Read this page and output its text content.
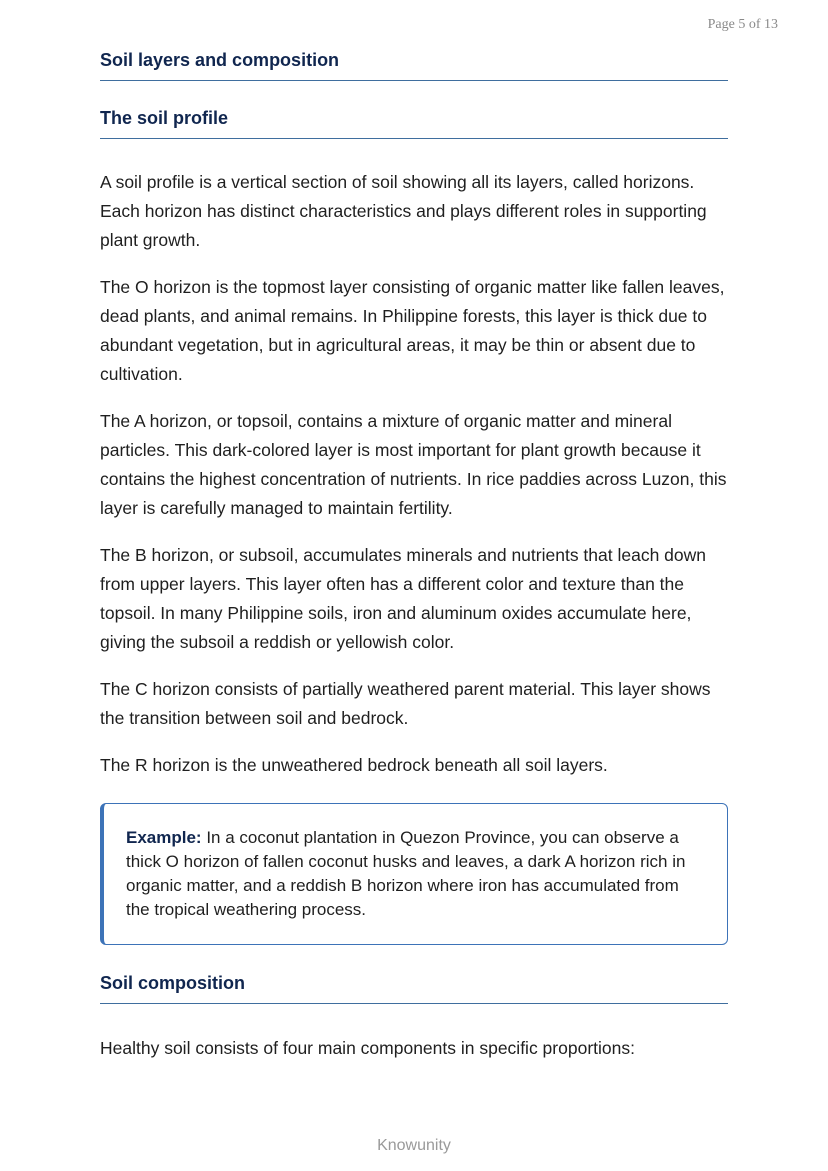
Page 5 of 13
Soil layers and composition
The soil profile

A soil profile is a vertical section of soil showing all its layers, called horizons. Each horizon has distinct characteristics and plays different roles in supporting plant growth.

The O horizon is the topmost layer consisting of organic matter like fallen leaves, dead plants, and animal remains. In Philippine forests, this layer is thick due to abundant vegetation, but in agricultural areas, it may be thin or absent due to cultivation.

The A horizon, or topsoil, contains a mixture of organic matter and mineral particles. This dark-colored layer is most important for plant growth because it contains the highest concentration of nutrients. In rice paddies across Luzon, this layer is carefully managed to maintain fertility.

The B horizon, or subsoil, accumulates minerals and nutrients that leach down from upper layers. This layer often has a different color and texture than the topsoil. In many Philippine soils, iron and aluminum oxides accumulate here, giving the subsoil a reddish or yellowish color.

The C horizon consists of partially weathered parent material. This layer shows the transition between soil and bedrock.

The R horizon is the unweathered bedrock beneath all soil layers.

Example: In a coconut plantation in Quezon Province, you can observe a thick O horizon of fallen coconut husks and leaves, a dark A horizon rich in organic matter, and a reddish B horizon where iron has accumulated from the tropical weathering process.

Soil composition

Healthy soil consists of four main components in specific proportions:

Knowunity
